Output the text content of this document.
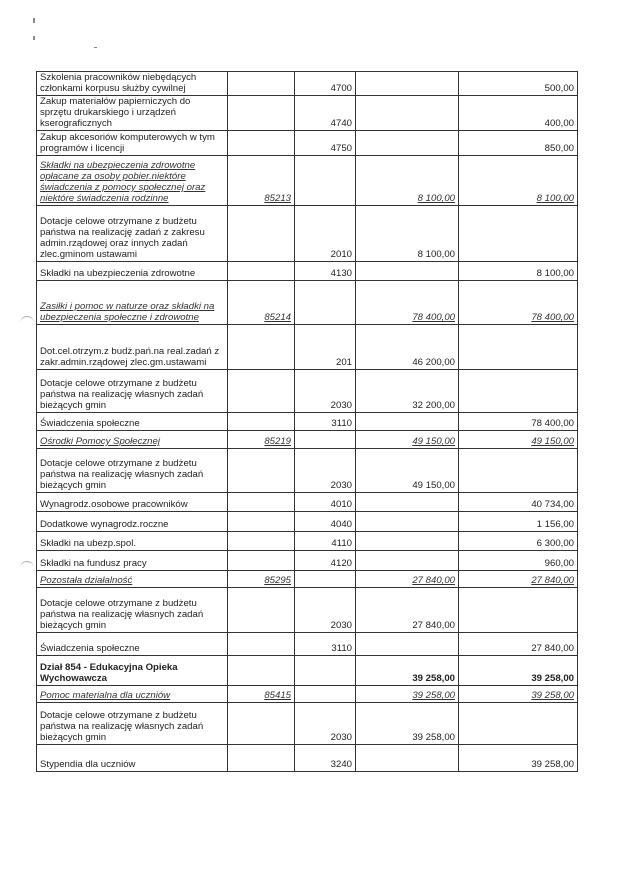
Szkolenia pracowników niebędących członkami korpusu służby cywilnej		4700		500,00
Zakup materiałów papierniczych do sprzętu drukarskiego i urządzeń kserograficznych		4740		400,00
Zakup akcesoriów komputerowych w tym programów i licencji		4750		850,00
Składki na ubezpieczenia zdrowotne opłacane za osoby pobier.niektóre świadczenia z pomocy społecznej oraz niektóre świadczenia rodzinne	85213		8 100,00	8 100,00
Dotacje celowe otrzymane z budżetu państwa na realizację zadań z zakresu admin.rządowej oraz innych zadań zlec.gminom ustawami		2010	8 100,00	
Składki na ubezpieczenia zdrowotne		4130		8 100,00
Zasiłki i pomoc w naturze oraz składki na ubezpieczenia społeczne i zdrowotne	85214		78 400,00	78 400,00
Dot.cel.otrzym.z budż.pań.na real.zadań z zakr.admin.rządowej zlec.gm.ustawami		201	46 200,00	
Dotacje celowe otrzymane z budżetu państwa na realizację własnych zadań bieżących gmin		2030	32 200,00	
Świadczenia społeczne		3110		78 400,00
Ośrodki Pomocy Społecznej	85219		49 150,00	49 150,00
Dotacje celowe otrzymane z budżetu państwa na realizację własnych zadań bieżących gmin		2030	49 150,00	
Wynagrodz.osobowe pracowników		4010		40 734,00
Dodatkowe wynagrodz.roczne		4040		1 156,00
Składki na ubezp.spol.		4110		6 300,00
Składki na fundusz pracy		4120		960,00
Pozostała działalność	85295		27 840,00	27 840,00
Dotacje celowe otrzymane z budżetu państwa na realizację własnych zadań bieżących gmin		2030	27 840,00	
Świadczenia społeczne		3110		27 840,00
Dział 854 - Edukacyjna Opieka Wychowawcza			39 258,00	39 258,00
Pomoc materialna dla uczniów	85415		39 258,00	39 258,00
Dotacje celowe otrzymane z budżetu państwa na realizację własnych zadań bieżących gmin		2030	39 258,00	
Stypendia dla uczniów		3240		39 258,00
